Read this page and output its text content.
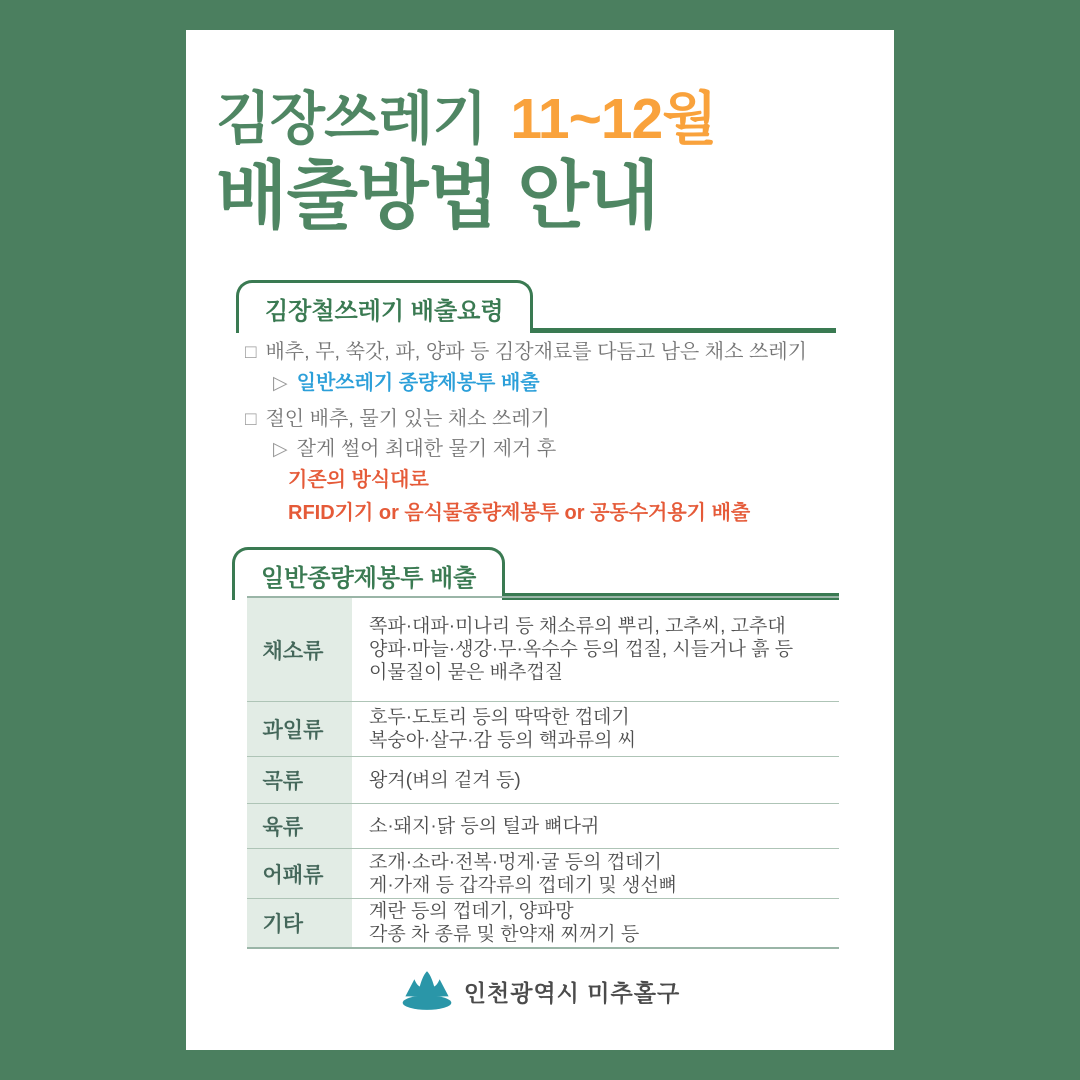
김장쓰레기 11~12월
배출방법 안내
김장철쓰레기 배출요령
□ 배추, 무, 쑥갓, 파, 양파 등 김장재료를 다듬고 남은 채소 쓰레기
▷ 일반쓰레기 종량제봉투 배출
□ 절인 배추, 물기 있는 채소 쓰레기
▷ 잘게 썰어 최대한 물기 제거 후
기존의 방식대로
RFID기기 or 음식물종량제봉투 or 공동수거용기 배출
일반종량제봉투 배출
채소류
쪽파·대파·미나리 등 채소류의 뿌리, 고추씨, 고추대
양파·마늘·생강·무·옥수수 등의 껍질, 시들거나 흙 등
이물질이 묻은 배추껍질
과일류
호두·도토리 등의 딱딱한 껍데기
복숭아·살구·감 등의 핵과류의 씨
곡류	왕겨(벼의 겉겨 등)
육류	소·돼지·닭 등의 털과 뼈다귀
어패류
조개·소라·전복·멍게·굴 등의 껍데기
게·가재 등 갑각류의 껍데기 및 생선뼈
기타
계란 등의 껍데기, 양파망
각종 차 종류 및 한약재 찌꺼기 등
인천광역시 미추홀구
